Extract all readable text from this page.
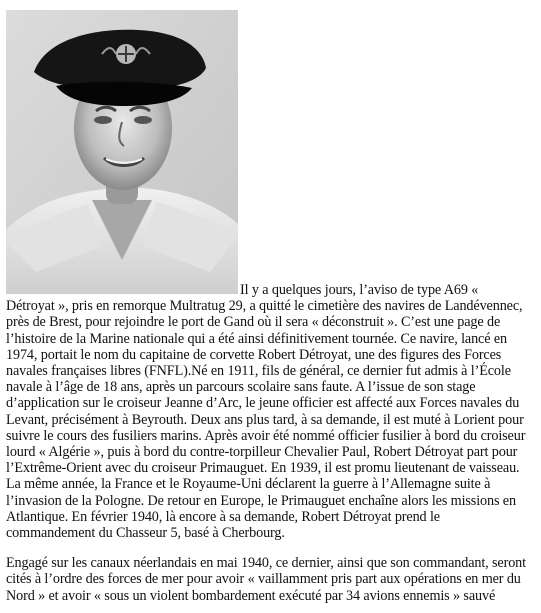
Il y a quelques jours, l’aviso de type A69 « Détroyat », pris en remorque Multratug 29, a quitté le cimetière des navires de Landévennec, près de Brest, pour rejoindre le port de Gand où il sera « déconstruit ». C’est une page de l’histoire de la Marine nationale qui a été ainsi définitivement tournée. Ce navire, lancé en 1974, portait le nom du capitaine de corvette Robert Détroyat, une des figures des Forces navales françaises libres (FNFL).Né en 1911, fils de général, ce dernier fut admis à l’École navale à l’âge de 18 ans, après un parcours scolaire sans faute. A l’issue de son stage d’application sur le croiseur Jeanne d’Arc, le jeune officier est affecté aux Forces navales du Levant, précisément à Beyrouth. Deux ans plus tard, à sa demande, il est muté à Lorient pour suivre le cours des fusiliers marins. Après avoir été nommé officier fusilier à bord du croiseur lourd « Algérie », puis à bord du contre-torpilleur Chevalier Paul, Robert Détroyat part pour l’Extrême-Orient avec du croiseur Primauguet. En 1939, il est promu lieutenant de vaisseau. La même année, la France et le Royaume-Uni déclarent la guerre à l’Allemagne suite à l’invasion de la Pologne. De retour en Europe, le Primauguet enchaîne alors les missions en Atlantique. En février 1940, là encore à sa demande, Robert Détroyat prend le commandement du Chasseur 5, basé à Cherbourg.

Engagé sur les canaux néerlandais en mai 1940, ce dernier, ainsi que son commandant, seront cités à l’ordre des forces de mer pour avoir « vaillamment pris part aux opérations en mer du Nord » et avoir « sous un violent bombardement exécuté par 34 avions ennemis » sauvé
